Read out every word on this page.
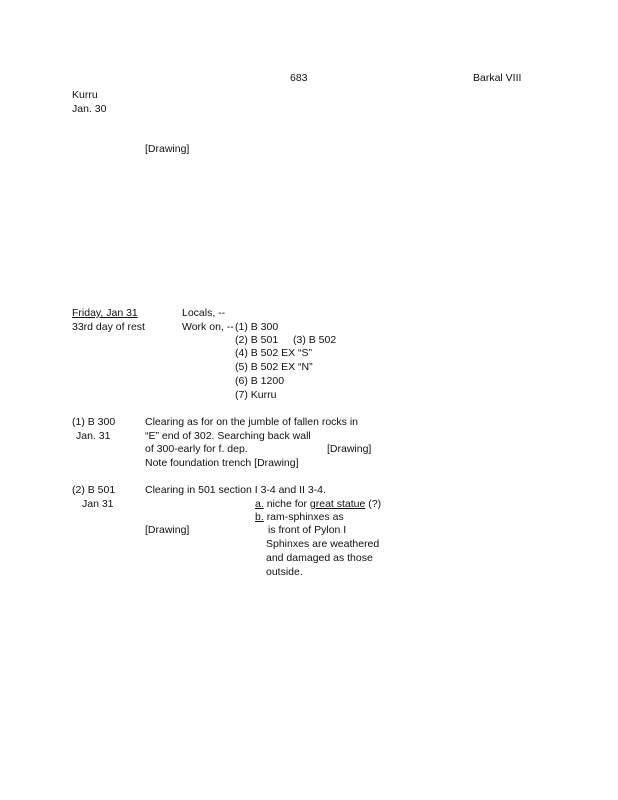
683	Barkal VIII
Kurru
Jan. 30
[Drawing]
Friday, Jan 31
33rd day of rest
Locals, --
Work on, -- (1) B 300
(2) B 501 (3) B 502
(4) B 502 EX “S”
(5) B 502 EX “N”
(6) B 1200
(7) Kurru
(1) B 300
Jan. 31
Clearing as for on the jumble of fallen rocks in
“E” end of 302. Searching back wall
of 300-early for f. dep.	[Drawing]
Note foundation trench [Drawing]
(2) B 501
Jan 31
Clearing in 501 section I 3-4 and II 3-4.
a. niche for great statue (?)
b. ram-sphinxes as
[Drawing]	is front of Pylon I
Sphinxes are weathered
and damaged as those
outside.
